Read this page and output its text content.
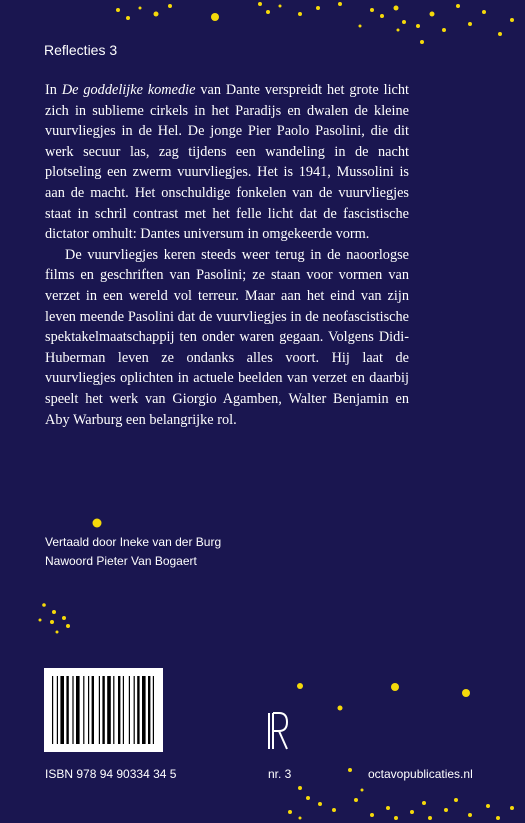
Reflecties 3

In De goddelijke komedie van Dante verspreidt het grote licht zich in sublieme cirkels in het Paradijs en dwalen de kleine vuurvliegjes in de Hel. De jonge Pier Paolo Pasolini, die dit werk secuur las, zag tijdens een wandeling in de nacht plotseling een zwerm vuurvliegjes. Het is 1941, Mussolini is aan de macht. Het onschuldige fonkelen van de vuurvliegjes staat in schril contrast met het felle licht dat de fascistische dictator omhult: Dantes universum in omgekeerde vorm.

De vuurvliegjes keren steeds weer terug in de naoorlogse films en geschriften van Pasolini; ze staan voor vormen van verzet in een wereld vol terreur. Maar aan het eind van zijn leven meende Pasolini dat de vuurvliegjes in de neofascistische spektakelmaatschappij ten onder waren gegaan. Volgens Didi-Huberman leven ze ondanks alles voort. Hij laat de vuurvliegjes oplichten in actuele beelden van verzet en daarbij speelt het werk van Giorgio Agamben, Walter Benjamin en Aby Warburg een belangrijke rol.

Vertaald door Ineke van der Burg
Nawoord Pieter Van Bogaert
ISBN 978 94 90334 34 5	nr. 3	octavopublicaties.nl
